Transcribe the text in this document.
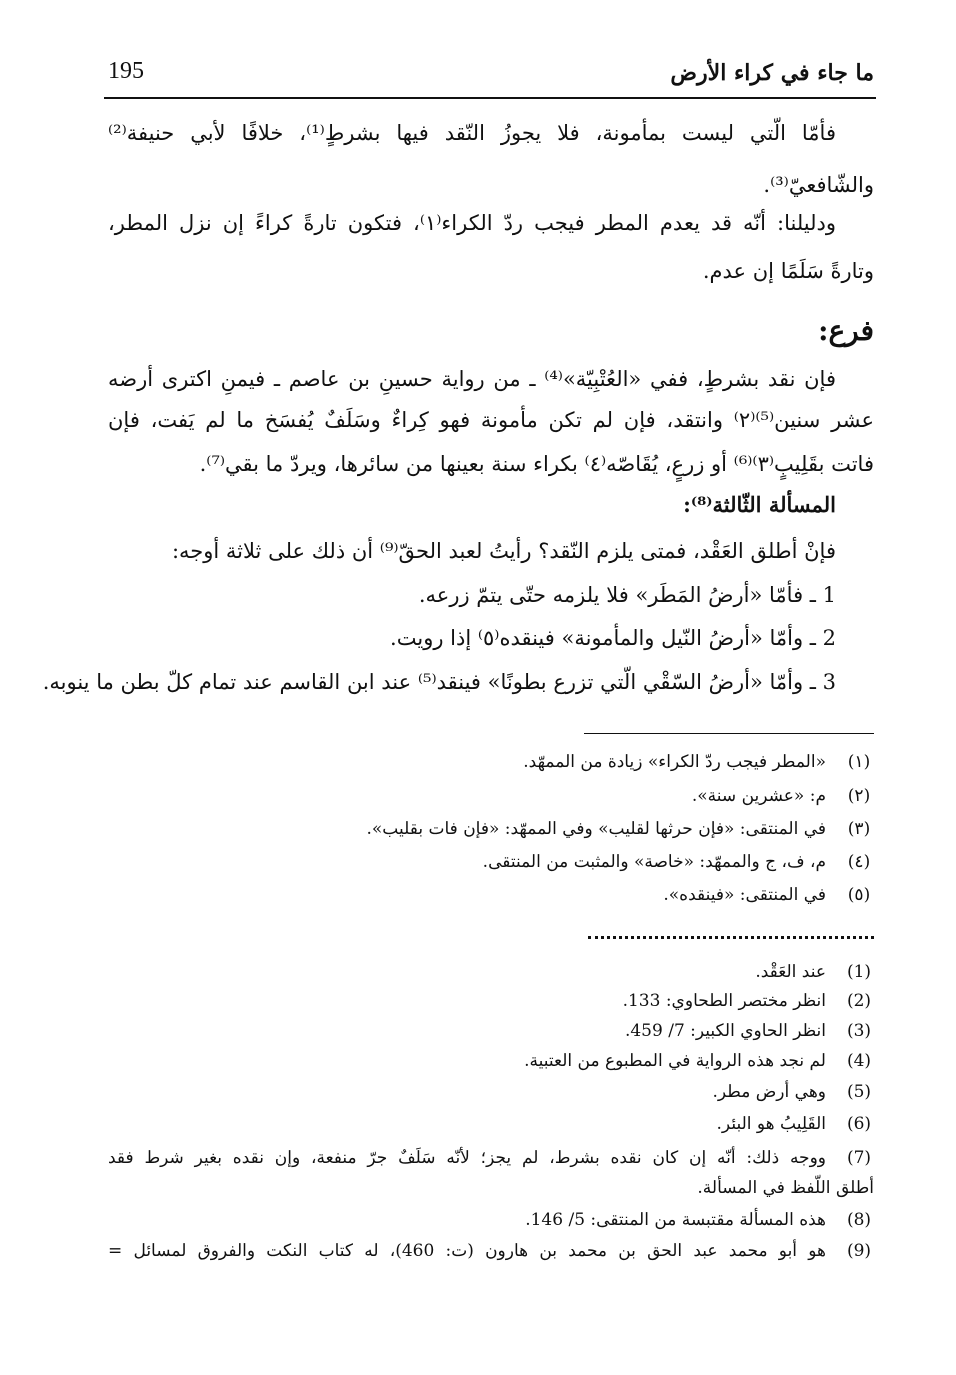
ما جاء في كراء الأرض
195
فأمّا الّتي ليست بمأمونة، فلا يجوزُ النّقد فيها بشرطٍ⁽¹⁾، خلافًا لأبي حنيفة⁽²⁾
والشّافعيّ⁽³⁾.
ودليلنا: أنّه قد يعدم المطر فيجب ردّ الكراء⁽١⁾، فتكون تارةً كراءً إن نزل المطر،
وتارةً سَلَمًا إن عدم.
فرع:
فإن نقد بشرطٍ، ففي «العُتْبِيّة»⁽⁴⁾ ـ من رواية حسينِ بن عاصم ـ فيمنِ اكترى أرضه
عشر سنين⁽⁵⁾⁽٢⁾ وانتقد، فإن لم تكن مأمونة فهو كِراءٌ وسَلَفٌ يُفسَخ ما لم يَفت، فإن
فاتت بقَلِيبٍ⁽٣⁾⁽⁶⁾ أو زرعٍ، يُقَاصّه⁽٤⁾ بكراء سنة بعينها من سائرها، ويردّ ما بقي⁽⁷⁾.
المسألة الثّالثة⁽⁸⁾:
فإنْ أطلق العَقْد، فمتى يلزم النّقد؟ رأيتُ لعبد الحقّ⁽⁹⁾ أن ذلك على ثلاثة أوجه:
1 ـ فأمّا «أرضُ المَطَر» فلا يلزمه حتّى يتمّ زرعه.
2 ـ وأمّا «أرضُ النّيل والمأمونة» فينقده⁽٥⁾ إذا رويت.
3 ـ وأمّا «أرضُ السّقْي الّتي تزرع بطونًا» فينقد⁽⁵⁾ عند ابن القاسم عند تمام كلّ بطن ما ينوبه.
(١)
«المطر فيجب ردّ الكراء» زيادة من الممهّد.
(٢)
م: «عشرين سنة».
(٣)
في المنتقى: «فإن حرثها لقليب» وفي الممهّد: «فإن فات بقليب».
(٤)
م، ف، ج والممهّد: «خاصة» والمثبت من المنتقى.
(٥)
في المنتقى: «فينقده».
(1)
عند العَقْد.
(2)
انظر مختصر الطحاوي: 133.
(3)
انظر الحاوي الكبير: 7/ 459.
(4)
لم نجد هذه الرواية في المطبوع من العتبية.
(5)
وهي أرض مطر.
(6)
القَلِيبُ هو البئر.
(7)
ووجه ذلك: أنّه إن كان نقده بشرط، لم يجز؛ لأنّه سَلَفٌ جرّ منفعة، وإن نقده بغير شرط فقد
أطلق اللّفظ في المسألة.
(8)
هذه المسألة مقتبسة من المنتقى: 5/ 146.
(9)
هو أبو محمد عبد الحق بن محمد بن هارون (ت: 460)، له كتاب النكت والفروق لمسائل =
